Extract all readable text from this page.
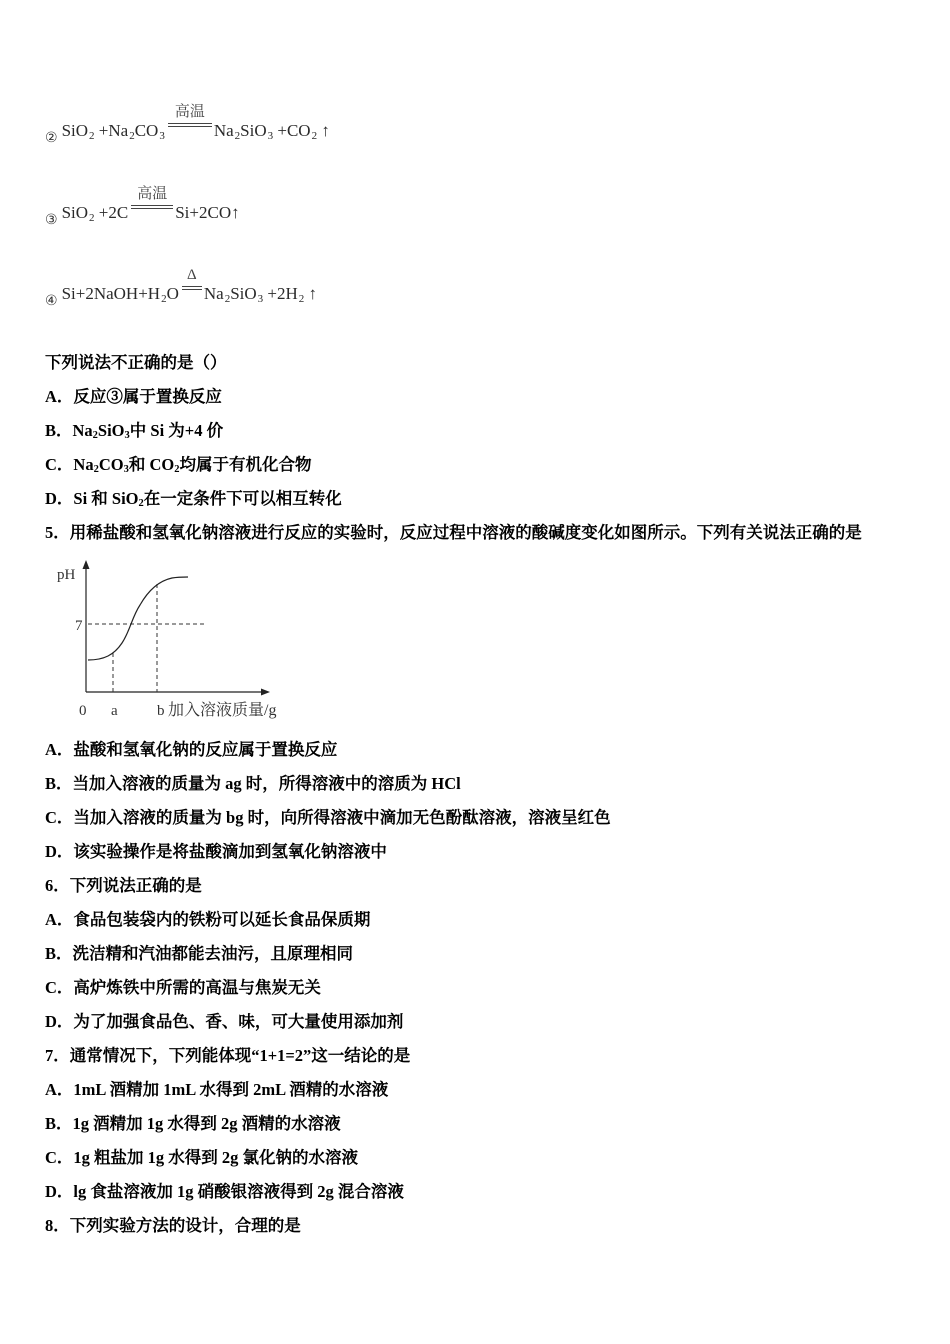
$_②$ $SiO_2 +Na_2CO_3$
高温
$Na_2SiO_3 +CO_2$ ↑
$_③$ SiO$_2$ +2C
高温
Si+2CO↑
$_④$ $Si+2NaOH+H_2O$
Δ
$Na_2SiO_3 +2H_2$ ↑
下列说法不正确的是（）
A．反应③属于置换反应
B．$Na_2SiO_3$中 Si 为+4 价
C．$Na_2CO_3$和 $CO_2$均属于有机化合物
D．Si 和 SiO$_2$在一定条件下可以相互转化
5．用稀盐酸和氢氧化钠溶液进行反应的实验时，反应过程中溶液的酸碱度变化如图所示。下列有关说法正确的是
pH
7
0 a	b 加入溶液质量/g
A．盐酸和氢氧化钠的反应属于置换反应
B．当加入溶液的质量为 ag 时，所得溶液中的溶质为 HCl
C．当加入溶液的质量为 bg 时，向所得溶液中滴加无色酚酞溶液，溶液呈红色
D．该实验操作是将盐酸滴加到氢氧化钠溶液中
6．下列说法正确的是
A．食品包装袋内的铁粉可以延长食品保质期
B．洗洁精和汽油都能去油污，且原理相同
C．高炉炼铁中所需的高温与焦炭无关
D．为了加强食品色、香、味，可大量使用添加剂
7．通常情况下，下列能体现“1+1=2”这一结论的是
A．1mL 酒精加 1mL 水得到 2mL 酒精的水溶液
B．1g 酒精加 1g 水得到 2g 酒精的水溶液
C．1g 粗盐加 1g 水得到 2g 氯化钠的水溶液
D．lg 食盐溶液加 1g 硝酸银溶液得到 2g 混合溶液
8．下列实验方法的设计，合理的是
